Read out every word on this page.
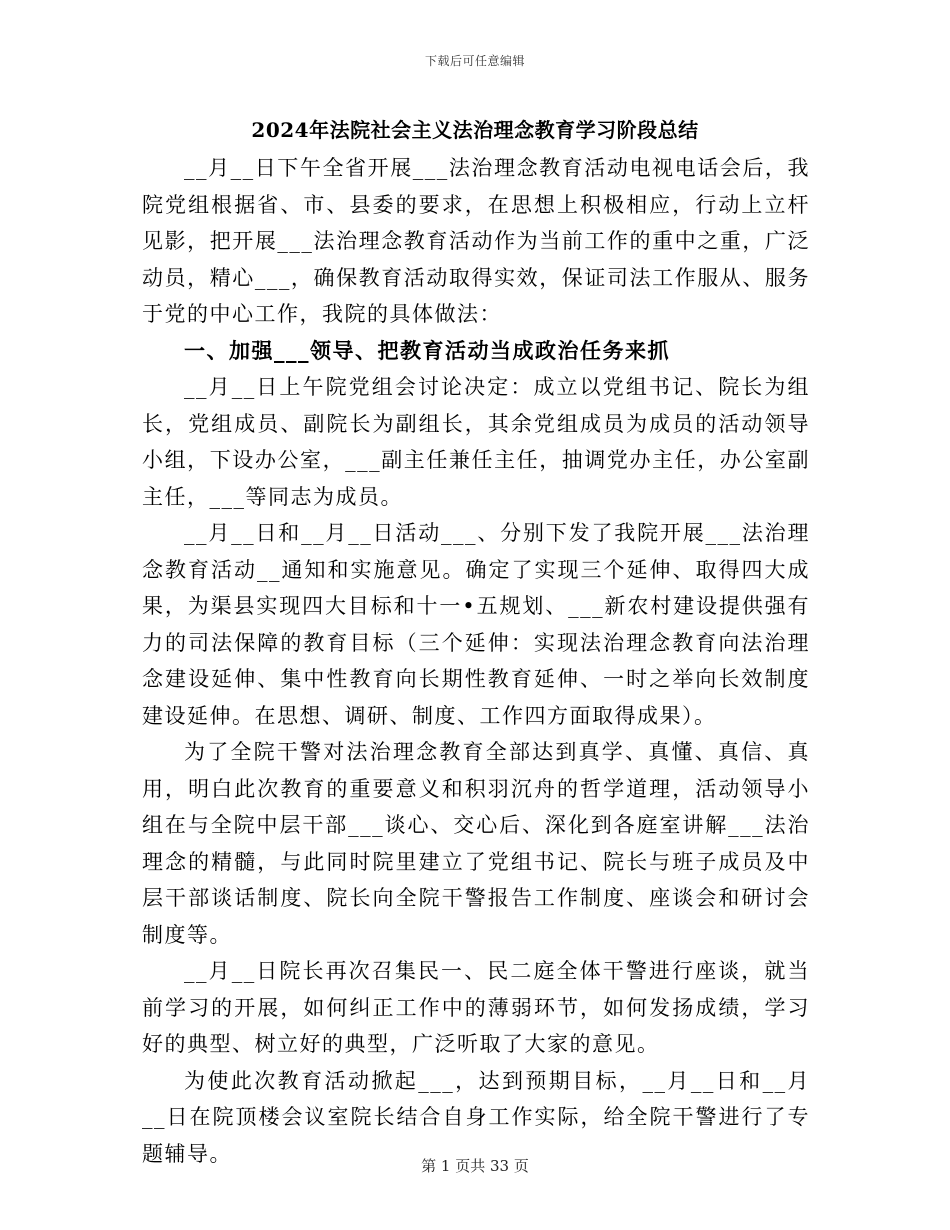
下载后可任意编辑
2024年法院社会主义法治理念教育学习阶段总结

__月__日下午全省开展___法治理念教育活动电视电话会后，我院党组根据省、市、县委的要求，在思想上积极相应，行动上立杆见影，把开展___法治理念教育活动作为当前工作的重中之重，广泛动员，精心___，确保教育活动取得实效，保证司法工作服从、服务于党的中心工作，我院的具体做法：

一、加强___领导、把教育活动当成政治任务来抓

__月__日上午院党组会讨论决定：成立以党组书记、院长为组长，党组成员、副院长为副组长，其余党组成员为成员的活动领导小组，下设办公室，___副主任兼任主任，抽调党办主任，办公室副主任，___等同志为成员。

__月__日和__月__日活动___、分别下发了我院开展___法治理念教育活动__通知和实施意见。确定了实现三个延伸、取得四大成果，为渠县实现四大目标和十一•五规划、___新农村建设提供强有力的司法保障的教育目标（三个延伸：实现法治理念教育向法治理念建设延伸、集中性教育向长期性教育延伸、一时之举向长效制度建设延伸。在思想、调研、制度、工作四方面取得成果）。

为了全院干警对法治理念教育全部达到真学、真懂、真信、真用，明白此次教育的重要意义和积羽沉舟的哲学道理，活动领导小组在与全院中层干部___谈心、交心后、深化到各庭室讲解___法治理念的精髓，与此同时院里建立了党组书记、院长与班子成员及中层干部谈话制度、院长向全院干警报告工作制度、座谈会和研讨会制度等。

__月__日院长再次召集民一、民二庭全体干警进行座谈，就当前学习的开展，如何纠正工作中的薄弱环节，如何发扬成绩，学习好的典型、树立好的典型，广泛听取了大家的意见。

为使此次教育活动掀起___，达到预期目标，__月__日和__月__日在院顶楼会议室院长结合自身工作实际，给全院干警进行了专题辅导。

第 1 页共 33 页
